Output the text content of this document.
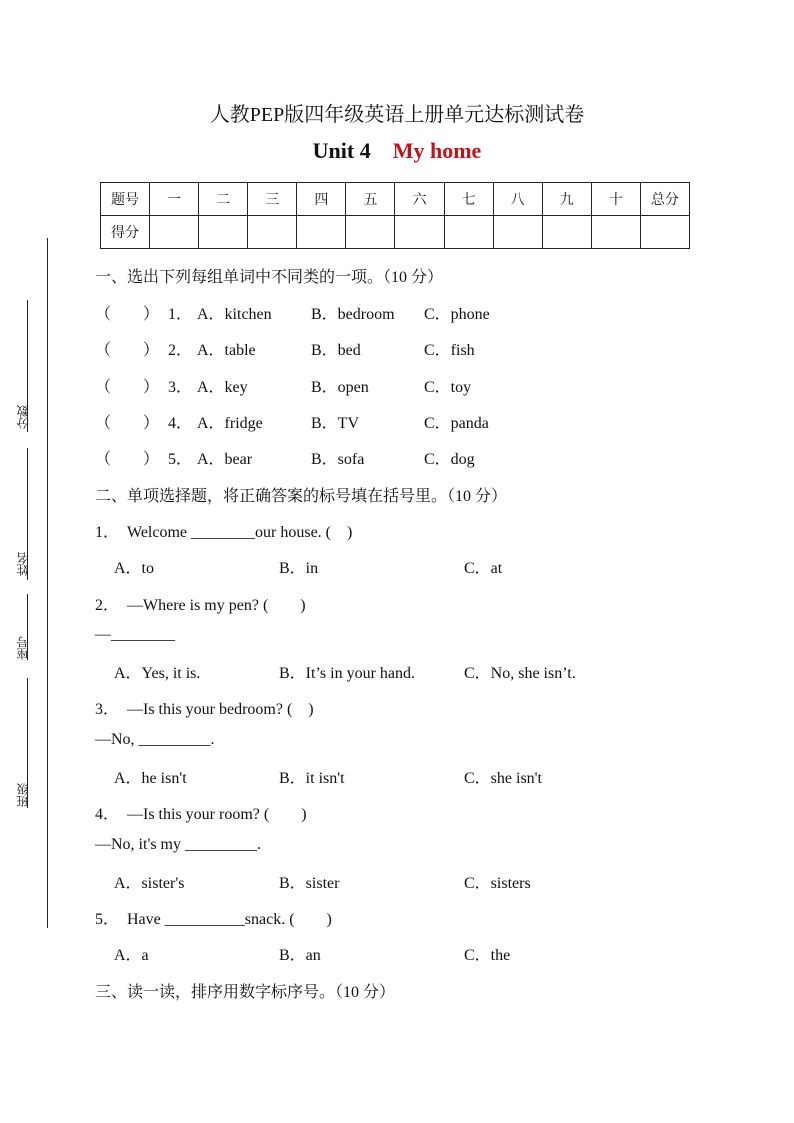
人教PEP版四年级英语上册单元达标测试卷
Unit 4 My home
题号	一	二	三	四	五	六	七	八	九	十	总分
得分											
分数
姓名
座号
班级
一、选出下列每组单词中不同类的一项。（10 分）
（　　） 1． A．kitchen B．bedroom C．phone
（　　） 2． A．table	B．bed	C．fish
（　　） 3． A．key	B．open	C．toy
（　　） 4． A．fridge	B．TV	C．panda
（　　） 5． A．bear	B．sofa	C．dog
二、单项选择题，将正确答案的标号填在括号里。（10 分）
1．　Welcome ________our house. (　)
A．to	B．in	C．at
2．　—Where is my pen? (　　)
—________
A．Yes, it is.	B．It’s in your hand.	C．No, she isn’t.
3．　—Is this your bedroom? (　)
—No, _________.
A．he isn't	B．it isn't	C．she isn't
4．　—Is this your room? (　　)
—No, it's my _________.
A．sister's	B．sister	C．sisters
5．　Have __________snack. (　　)
A．a	B．an	C．the
三、读一读，排序用数字标序号。（10 分）
